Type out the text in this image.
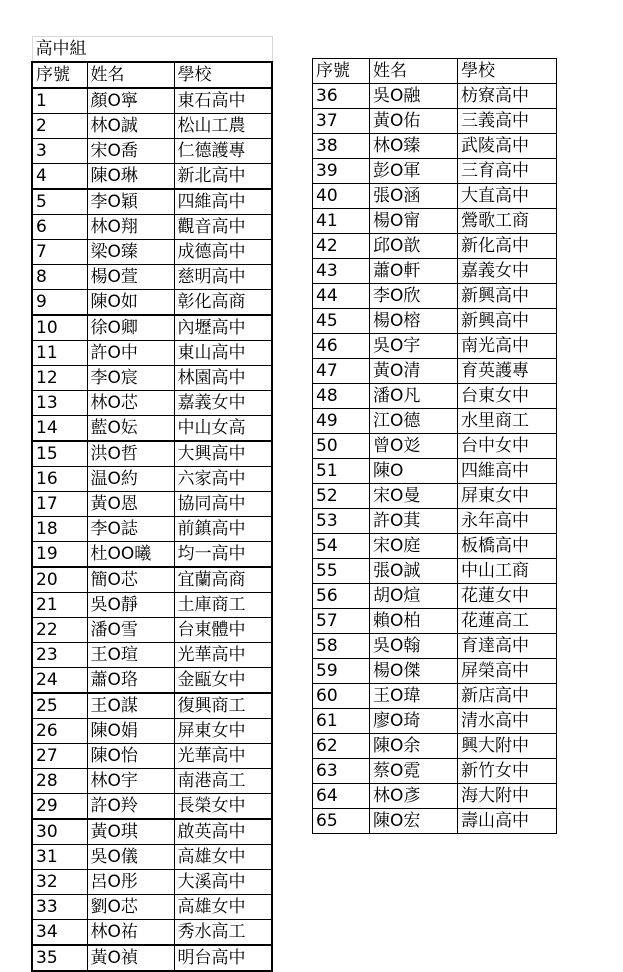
高中組		
序號	姓名	學校
1	顏O寧	東石高中
2	林O誠	松山工農
3	宋O喬	仁德護專
4	陳O琳	新北高中
5	李O穎	四維高中
6	林O翔	觀音高中
7	梁O臻	成德高中
8	楊O萱	慈明高中
9	陳O如	彰化高商
10	徐O卿	內壢高中
11	許O中	東山高中
12	李O宸	林園高中
13	林O芯	嘉義女中
14	藍O妘	中山女高
15	洪O哲	大興高中
16	温O約	六家高中
17	黃O恩	協同高中
18	李O誌	前鎮高中
19	杜OO曦	均一高中
20	簡O芯	宜蘭高商
21	吳O靜	土庫商工
22	潘O雪	台東體中
23	王O瑄	光華高中
24	蕭O珞	金甌女中
25	王O謀	復興商工
26	陳O娟	屏東女中
27	陳O怡	光華高中
28	林O宇	南港高工
29	許O羚	長榮女中
30	黃O琪	啟英高中
31	吳O儀	高雄女中
32	呂O彤	大溪高中
33	劉O芯	高雄女中
34	林O祐	秀水高工
35	黃O禎	明台高中
序號	姓名	學校
36	吳O融	枋寮高中
37	黃O佑	三義高中
38	林O臻	武陵高中
39	彭O軍	三育高中
40	張O涵	大直高中
41	楊O甯	鶯歌工商
42	邱O歆	新化高中
43	蕭O軒	嘉義女中
44	李O欣	新興高中
45	楊O榕	新興高中
46	吳O宇	南光高中
47	黃O清	育英護專
48	潘O凡	台東女中
49	江O德	水里商工
50	曾O彣	台中女中
51	陳O	四維高中
52	宋O曼	屏東女中
53	許O萁	永年高中
54	宋O庭	板橋高中
55	張O誠	中山工商
56	胡O煊	花蓮女中
57	賴O柏	花蓮高工
58	吳O翰	育達高中
59	楊O傑	屏榮高中
60	王O瑋	新店高中
61	廖O琦	清水高中
62	陳O余	興大附中
63	蔡O霓	新竹女中
64	林O彥	海大附中
65	陳O宏	壽山高中
